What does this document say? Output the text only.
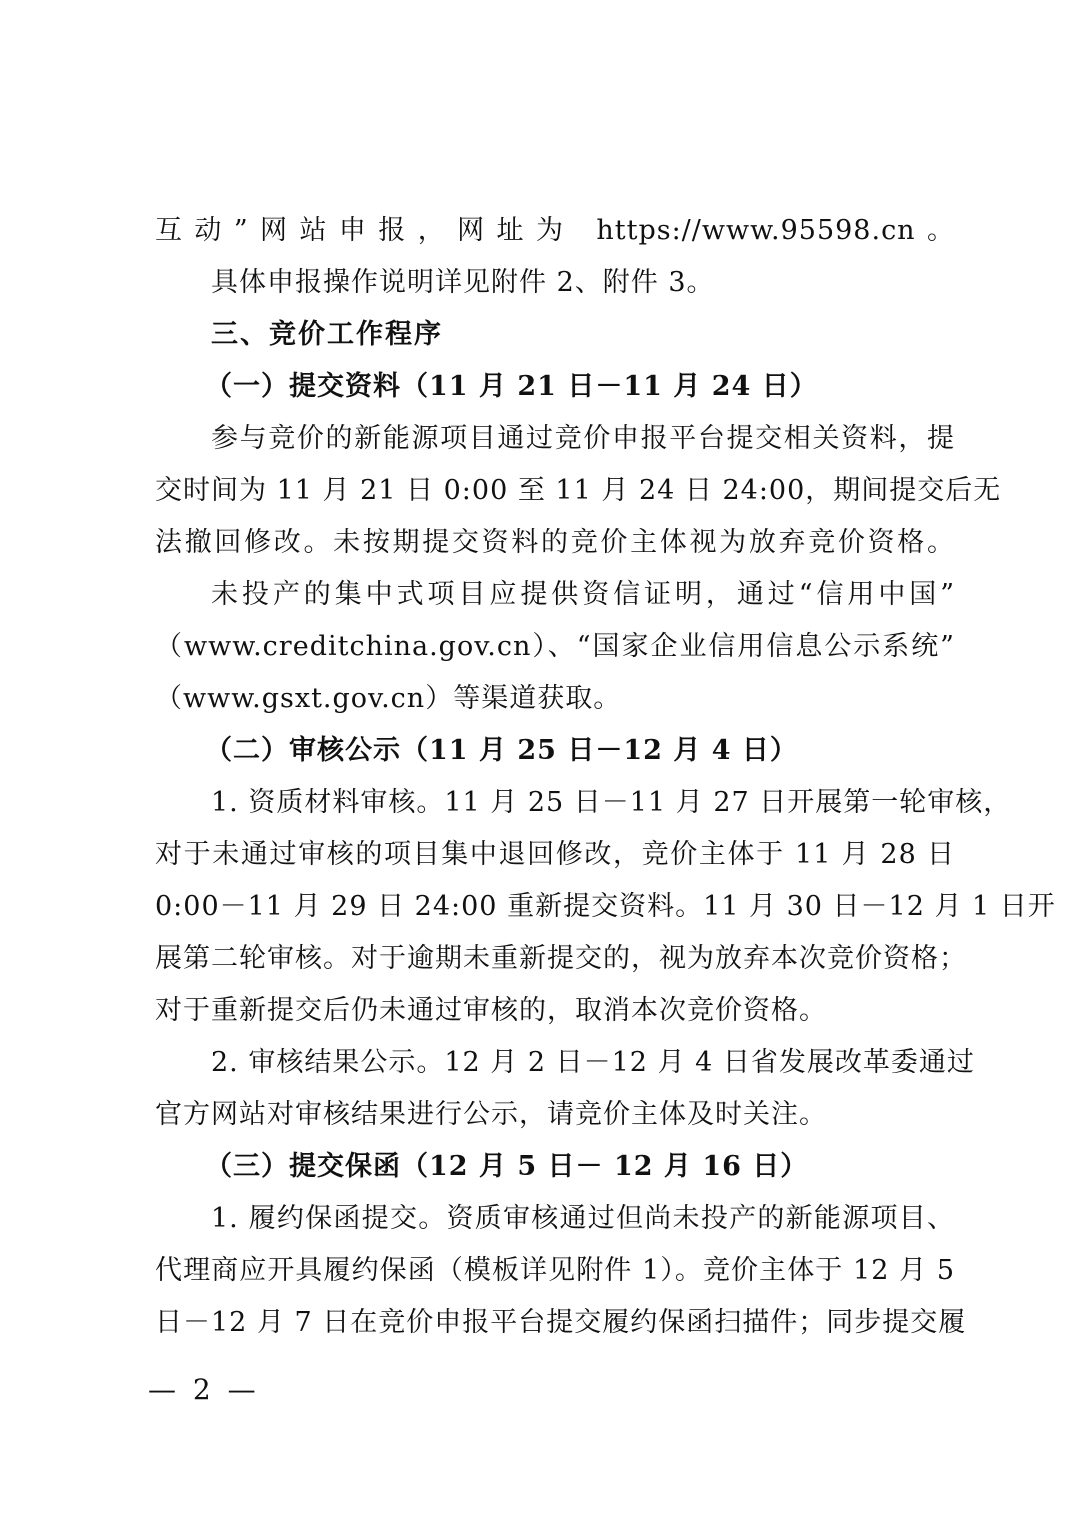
互动”网站申报，网址为 https://www.95598.cn。
具体申报操作说明详见附件 2、附件 3。
三、竞价工作程序
（一）提交资料（11 月 21 日－11 月 24 日）
参与竞价的新能源项目通过竞价申报平台提交相关资料，提
交时间为 11 月 21 日 0:00 至 11 月 24 日 24:00，期间提交后无
法撤回修改。未按期提交资料的竞价主体视为放弃竞价资格。
未投产的集中式项目应提供资信证明，通过“信用中国”
（www.creditchina.gov.cn）、“国家企业信用信息公示系统”
（www.gsxt.gov.cn）等渠道获取。
（二）审核公示（11 月 25 日－12 月 4 日）
1. 资质材料审核。11 月 25 日－11 月 27 日开展第一轮审核，
对于未通过审核的项目集中退回修改，竞价主体于 11 月 28 日
0:00－11 月 29 日 24:00 重新提交资料。11 月 30 日－12 月 1 日开
展第二轮审核。对于逾期未重新提交的，视为放弃本次竞价资格；
对于重新提交后仍未通过审核的，取消本次竞价资格。
2. 审核结果公示。12 月 2 日－12 月 4 日省发展改革委通过
官方网站对审核结果进行公示，请竞价主体及时关注。
（三）提交保函（12 月 5 日－ 12 月 16 日）
1. 履约保函提交。资质审核通过但尚未投产的新能源项目、
代理商应开具履约保函（模板详见附件 1）。竞价主体于 12 月 5
日－12 月 7 日在竞价申报平台提交履约保函扫描件；同步提交履
— 2 —
